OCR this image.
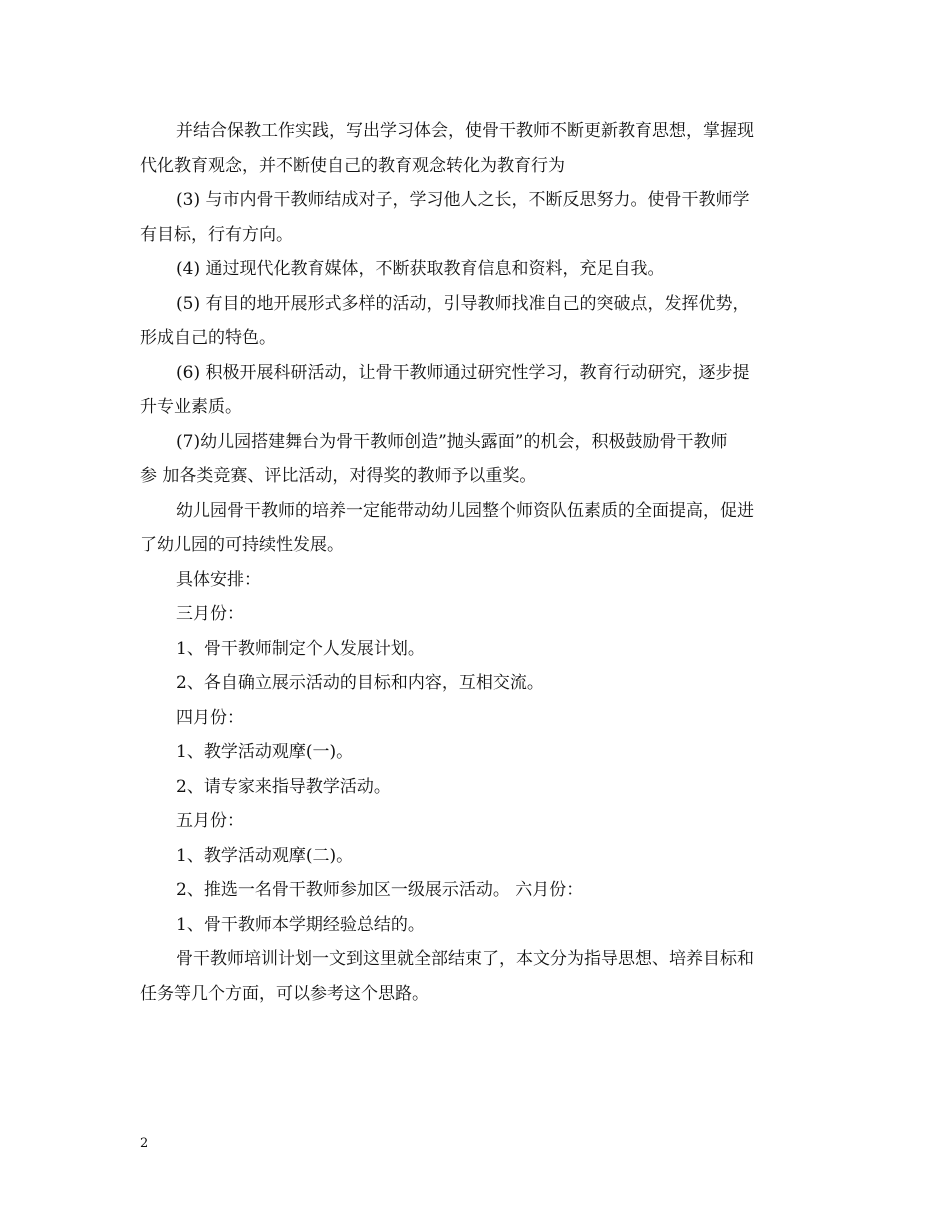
并结合保教工作实践，写出学习体会，使骨干教师不断更新教育思想，掌握现
代化教育观念，并不断使自己的教育观念转化为教育行为
(3) 与市内骨干教师结成对子，学习他人之长，不断反思努力。使骨干教师学
有目标，行有方向。
(4) 通过现代化教育媒体，不断获取教育信息和资料，充足自我。
(5) 有目的地开展形式多样的活动，引导教师找准自己的突破点，发挥优势，
形成自己的特色。
(6) 积极开展科研活动，让骨干教师通过研究性学习，教育行动研究，逐步提
升专业素质。
(7)幼儿园搭建舞台为骨干教师创造”抛头露面”的机会，积极鼓励骨干教师
参 加各类竞赛、评比活动，对得奖的教师予以重奖。
幼儿园骨干教师的培养一定能带动幼儿园整个师资队伍素质的全面提高，促进
了幼儿园的可持续性发展。
具体安排：
三月份：
1、骨干教师制定个人发展计划。
2、各自确立展示活动的目标和内容，互相交流。
四月份：
1、教学活动观摩(一)。
2、请专家来指导教学活动。
五月份：
1、教学活动观摩(二)。
2、推选一名骨干教师参加区一级展示活动。 六月份：
1、骨干教师本学期经验总结的。
骨干教师培训计划一文到这里就全部结束了，本文分为指导思想、培养目标和
任务等几个方面，可以参考这个思路。
2
